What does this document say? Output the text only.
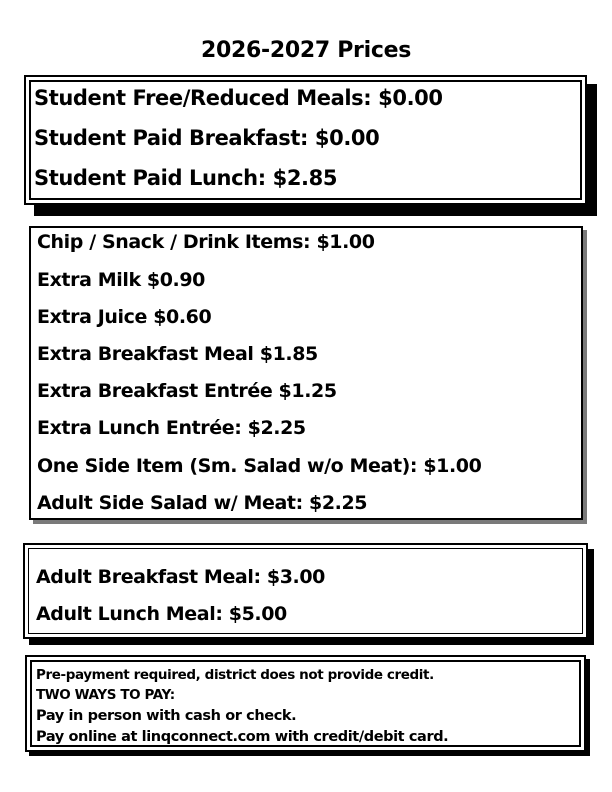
2026-2027 Prices
Student Free/Reduced Meals: $0.00
Student Paid Breakfast: $0.00
Student Paid Lunch: $2.85
Chip / Snack / Drink Items: $1.00
Extra Milk $0.90
Extra Juice $0.60
Extra Breakfast Meal $1.85
Extra Breakfast Entrée $1.25
Extra Lunch Entrée: $2.25
One Side Item (Sm. Salad w/o Meat): $1.00
Adult Side Salad w/ Meat: $2.25
Adult Breakfast Meal: $3.00
Adult Lunch Meal: $5.00
Pre-payment required, district does not provide credit.
TWO WAYS TO PAY:
Pay in person with cash or check.
Pay online at linqconnect.com with credit/debit card.
